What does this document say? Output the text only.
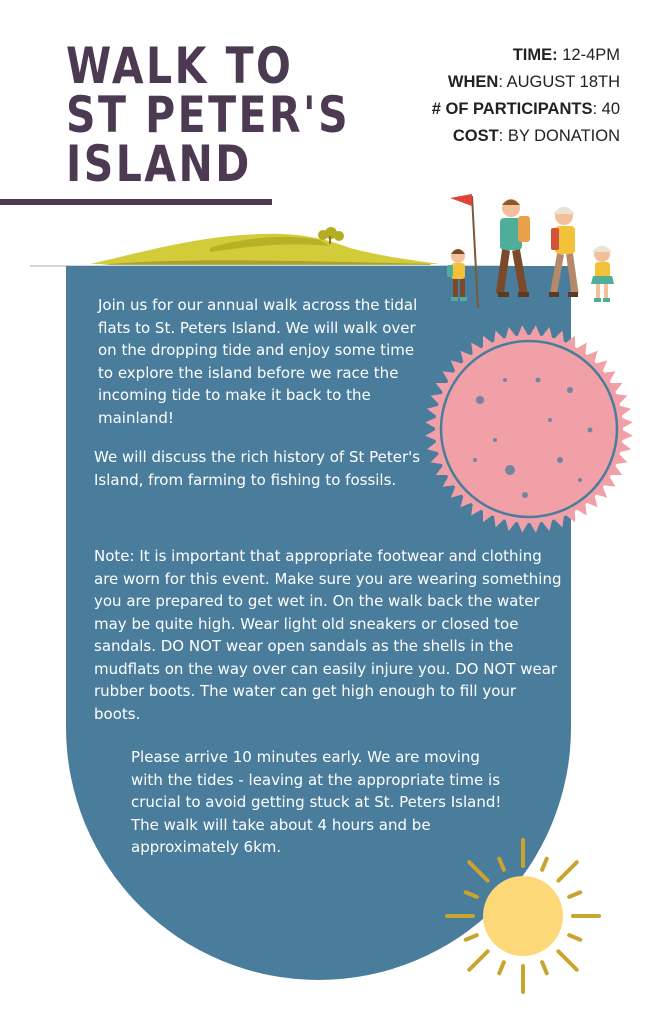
WALK TO
ST PETER'S
ISLAND
TIME: 12-4PM
WHEN: AUGUST 18TH
# OF PARTICIPANTS: 40
COST: BY DONATION

Join us for our annual walk across the tidal flats to St. Peters Island. We will walk over on the dropping tide and enjoy some time to explore the island before we race the incoming tide to make it back to the mainland!

We will discuss the rich history of St Peter's Island, from farming to fishing to fossils.

Note: It is important that appropriate footwear and clothing are worn for this event. Make sure you are wearing something you are prepared to get wet in. On the walk back the water may be quite high. Wear light old sneakers or closed toe sandals. DO NOT wear open sandals as the shells in the mudflats on the way over can easily injure you. DO NOT wear rubber boots. The water can get high enough to fill your boots.

Please arrive 10 minutes early. We are moving with the tides - leaving at the appropriate time is crucial to avoid getting stuck at St. Peters Island! The walk will take about 4 hours and be approximately 6km.
